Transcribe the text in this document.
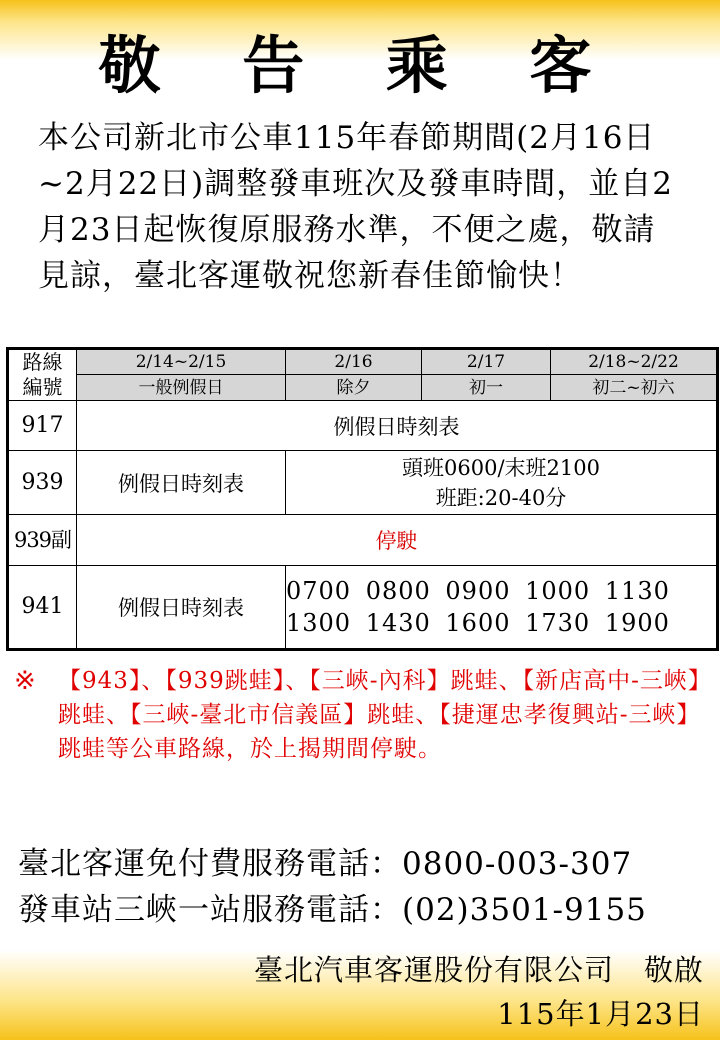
敬 告 乘 客

本公司新北市公車115年春節期間(2月16日~2月22日)調整發車班次及發車時間，並自2月23日起恢復原服務水準，不便之處，敬請見諒，臺北客運敬祝您新春佳節愉快！

路線
編號	2/14~2/15	2/16	2/17	2/18~2/22
	一般例假日	除夕	初一	初二~初六
917	例假日時刻表			
939	例假日時刻表	頭班0600/末班2100
班距:20-40分		

939副	停駛			
941	例假日時刻表	0700 0800 0900 1000 1130
1300 1430 1600 1730 1900		
※ 【943】、【939跳蛙】、【三峽-內科】跳蛙、【新店高中-三峽】跳蛙、【三峽-臺北市信義區】跳蛙、【捷運忠孝復興站-三峽】跳蛙等公車路線，於上揭期間停駛。
臺北客運免付費服務電話：0800-003-307
發車站三峽一站服務電話：(02)3501-9155
臺北汽車客運股份有限公司　敬啟
115年1月23日
